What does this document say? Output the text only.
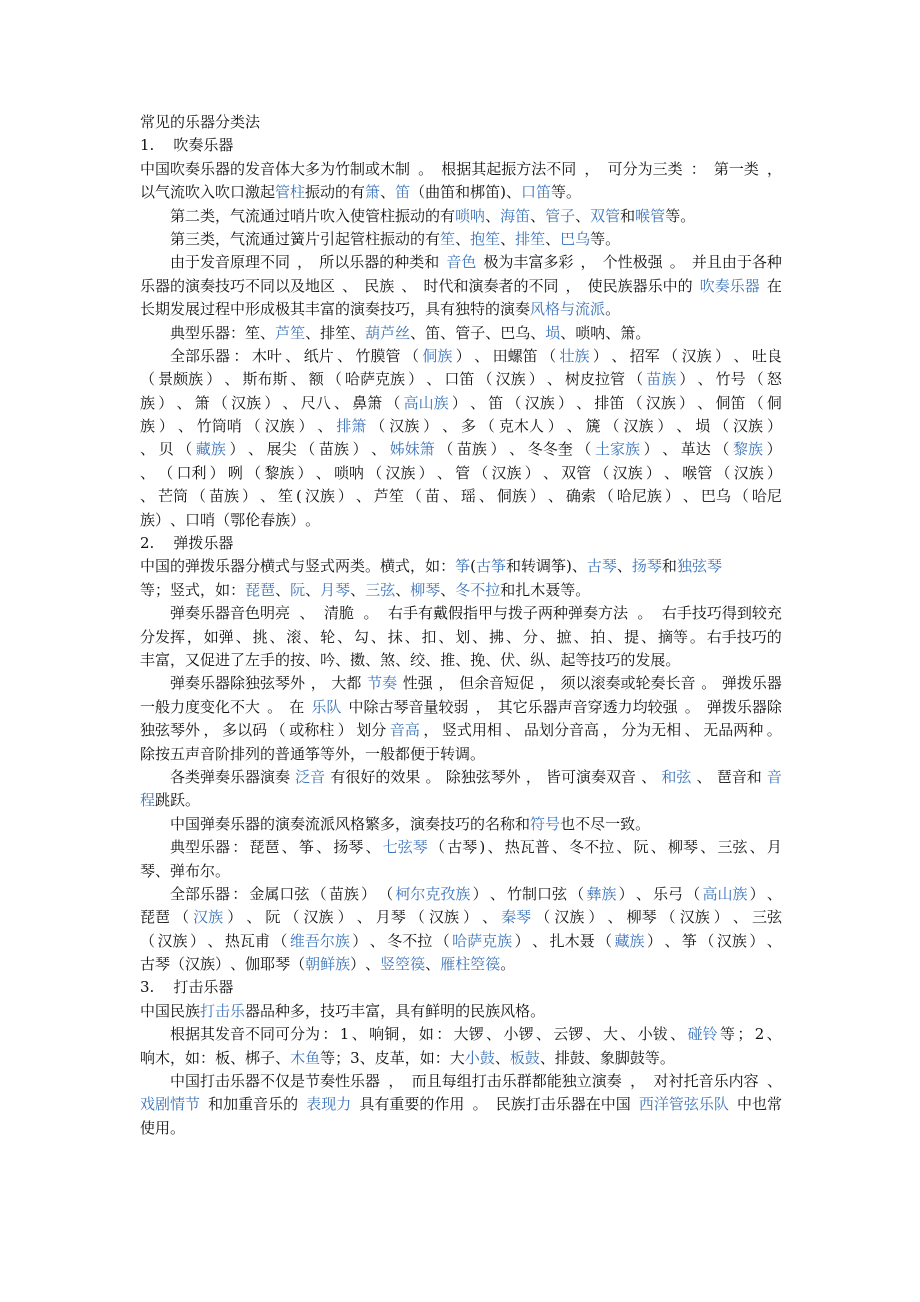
常见的乐器分类法
1.    吹奏乐器
中国吹奏乐器的发音体大多为竹制或木制 。 根据其起振方法不同 ， 可分为三类 ： 第一类 ，
以气流吹入吹口激起 管柱 振动的有 箫 、 笛 （ 曲笛和梆笛 ) 、 口笛 等 。
第二类 ， 气流通过哨片吹入使管柱振动的有 唢呐 、 海笛 、 管子 、 双管 和 喉管 等 。
第三类 ， 气流通过簧片引起管柱振动的有 笙 、 抱笙 、 排笙 、 巴乌 等 。
由于发音原理不同 ， 所以乐器的种类和 音色 极为丰富多彩 ， 个性极强 。 并且由于各种
乐器的演奏技巧不同以及地区 、 民族 、 时代和演奏者的不同 ， 使民族器乐中的 吹奏乐器 在
长期发展过程中形成极其丰富的演奏技巧 ， 具有独特的演奏 风格与流派 。
典型乐器 ： 笙 、 芦笙 、 排笙 、 葫芦丝 、 笛 、 管子 、 巴乌 、 埙 、 唢呐 、 箫 。
全部乐器 ： 木叶 、 纸片 、 竹膜管 （ 侗族 ） 、 田螺笛 （ 壮族 ） 、 招军 （ 汉族 ） 、 吐良
（ 景颇族 ） 、 斯布斯 、 额 （ 哈萨克族 ） 、 口笛 （ 汉族 ） 、 树皮拉管 （ 苗族 ） 、 竹号 （ 怒
族 ） 、 箫 （ 汉族 ） 、 尺八 、 鼻箫 （ 高山族 ） 、 笛 （ 汉族 ） 、 排笛 （ 汉族 ） 、 侗笛 （ 侗
族 ） 、 竹筒哨 （ 汉族 ） 、 排箫 （ 汉族 ） 、 多 （ 克木人 ） 、 篪 （ 汉族 ） 、 埙 （ 汉族 ）
、 贝 （ 藏族 ） 、 展尖 （ 苗族 ） 、 姊妹箫 （ 苗族 ） 、 冬冬奎 （ 土家族 ） 、 革达 （ 黎族 ）
、 （ 口利 ） 咧 （ 黎族 ） 、 唢呐 （ 汉族 ） 、 管 （ 汉族 ） 、 双管 （ 汉族 ） 、 喉管 （ 汉族 ）
、 芒筒 （ 苗族 ） 、 笙 ( 汉族 ） 、 芦笙 （ 苗 、 瑶 、 侗族 ） 、 确索 （ 哈尼族 ） 、 巴乌 （ 哈尼
族 ） 、 口哨 （ 鄂伦春族 ） 。
2.    弹拨乐器
中国的弹拨乐器分横式与竖式两类 。 横式 ， 如 ： 筝 ( 古筝 和转调筝 ) 、 古琴 、 扬琴 和 独弦琴
等 ； 竖式 ， 如 ： 琵琶 、 阮 、 月琴 、 三弦 、 柳琴 、 冬不拉 和扎木聂等 。
弹奏乐器音色明亮 、 清脆 。 右手有戴假指甲与拨子两种弹奏方法 。 右手技巧得到较充
分发挥 ， 如弹 、 挑 、 滚 、 轮 、 勾 、 抹 、 扣 、 划 、 拂 、 分 、 摭 、 拍 、 提 、 摘等 。 右手技巧的
丰富 ， 又促进了左手的按 、 吟 、 擞 、 煞 、 绞 、 推 、 挽 、 伏 、 纵 、 起等技巧的发展 。
弹奏乐器除独弦琴外 ， 大都 节奏 性强 ， 但余音短促 ， 须以滚奏或轮奏长音 。 弹拨乐器
一般力度变化不大 。 在 乐队 中除古琴音量较弱 ， 其它乐器声音穿透力均较强 。 弹拨乐器除
独弦琴外 ， 多以码 （ 或称柱 ） 划分 音高 ， 竖式用相 、 品划分音高 ， 分为无相 、 无品两种 。
除按五声音阶排列的普通筝等外 ， 一般都便于转调 。
各类弹奏乐器演奏 泛音 有很好的效果 。 除独弦琴外 ， 皆可演奏双音 、 和弦 、 琶音和 音
程 跳跃 。
中国弹奏乐器的演奏流派风格繁多 ， 演奏技巧的名称和 符号 也不尽一致 。
典型乐器 ： 琵琶 、 筝 、 扬琴 、 七弦琴 （ 古琴 ) 、 热瓦普 、 冬不拉 、 阮 、 柳琴 、 三弦 、 月
琴 、 弹布尔 。
全部乐器 ： 金属口弦 （ 苗族 ） （ 柯尔克孜族 ） 、 竹制口弦 （ 彝族 ） 、 乐弓 （ 高山族 ） 、
琵琶 （ 汉族 ） 、 阮 （ 汉族 ） 、 月琴 （ 汉族 ） 、 秦琴 （ 汉族 ） 、 柳琴 （ 汉族 ） 、 三弦
（ 汉族 ） 、 热瓦甫 （ 维吾尔族 ） 、 冬不拉 （ 哈萨克族 ） 、 扎木聂 （ 藏族 ） 、 筝 （ 汉族 ） 、
古琴 （ 汉族 ） 、 伽耶琴 （ 朝鲜族 ） 、 竖箜篌 、 雁柱箜篌 。
3.    打击乐器
中国民族 打击乐 器品种多 ， 技巧丰富 ， 具有鲜明的民族风格 。
根据其发音不同可分为 ： 1 、 响铜 ， 如 ： 大锣 、 小锣 、 云锣 、 大 、 小钹 、 碰铃 等 ； 2 、
响木 ， 如 ： 板 、 梆子 、 木鱼 等 ； 3 、 皮革 ， 如 ： 大 小鼓 、 板鼓 、 排鼓 、 象脚鼓等 。
中国打击乐器不仅是节奏性乐器 ， 而且每组打击乐群都能独立演奏 ， 对衬托音乐内容 、
戏剧情节 和加重音乐的 表现力 具有重要的作用 。 民族打击乐器在中国 西洋管弦乐队 中也常
使用 。
